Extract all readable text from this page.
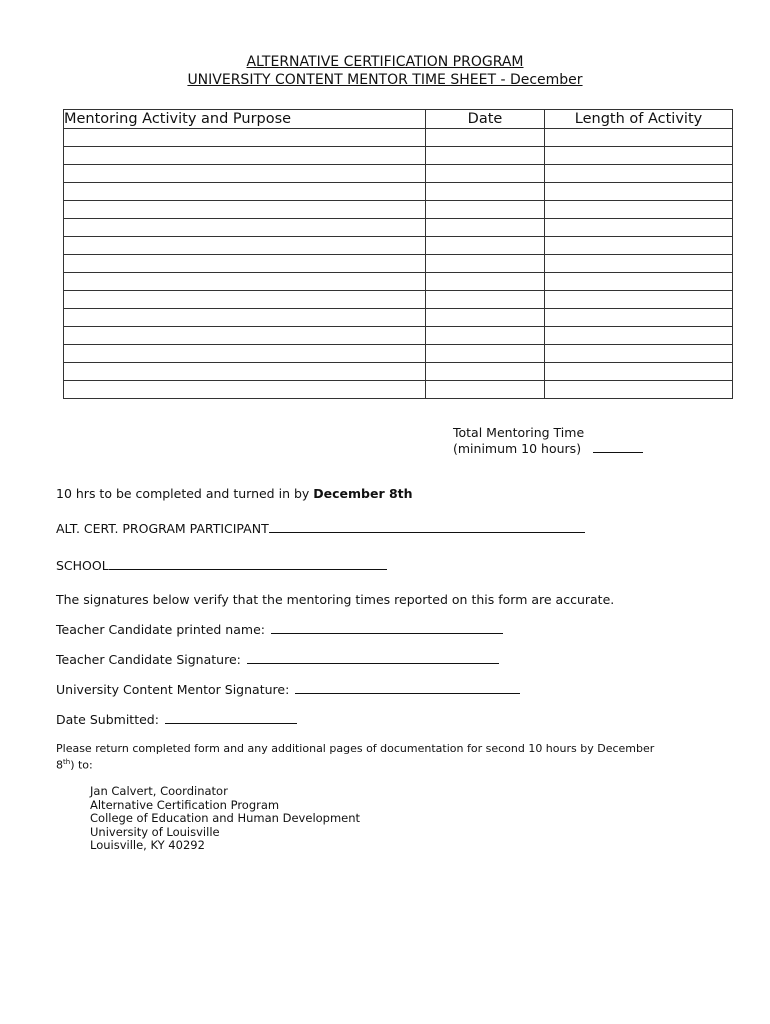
ALTERNATIVE CERTIFICATION PROGRAM
UNIVERSITY CONTENT MENTOR TIME SHEET - December
Mentoring Activity and Purpose	Date	Length of Activity

Total Mentoring Time
(minimum 10 hours)
10 hrs to be completed and turned in by December 8th
ALT. CERT. PROGRAM PARTICIPANT
SCHOOL
The signatures below verify that the mentoring times reported on this form are accurate.
Teacher Candidate printed name:
Teacher Candidate Signature:
University Content Mentor Signature:
Date Submitted:
Please return completed form and any additional pages of documentation for second 10 hours by December
8th) to:
Jan Calvert, Coordinator
Alternative Certification Program
College of Education and Human Development
University of Louisville
Louisville, KY 40292
